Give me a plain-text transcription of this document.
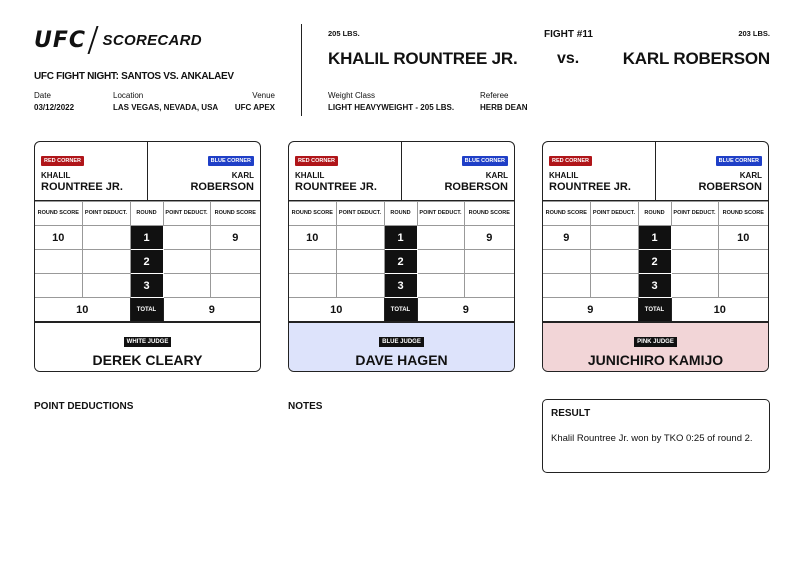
UFC SCORECARD
UFC FIGHT NIGHT: SANTOS VS. ANKALAEV
Date
03/12/2022
Location
LAS VEGAS, NEVADA, USA
Venue
UFC APEX
205 LBS.
KHALIL ROUNTREE JR.
FIGHT #11
vs.
203 LBS.
KARL ROBERSON
Weight Class
LIGHT HEAVYWEIGHT - 205 LBS.
Referee
HERB DEAN
RED CORNER
KHALIL
ROUNTREE JR.
BLUE CORNER
KARL
ROBERSON
ROUND SCORE	POINT DEDUCT.	ROUND	POINT DEDUCT.	ROUND SCORE
10		1		9
		2		
		3		
10		TOTAL	9	
WHITE JUDGE
DEREK CLEARY
RED CORNER
KHALIL
ROUNTREE JR.
BLUE CORNER
KARL
ROBERSON
ROUND SCORE	POINT DEDUCT.	ROUND	POINT DEDUCT.	ROUND SCORE
10		1		9
		2		
		3		
10		TOTAL	9	
BLUE JUDGE
DAVE HAGEN
RED CORNER
KHALIL
ROUNTREE JR.
BLUE CORNER
KARL
ROBERSON
ROUND SCORE	POINT DEDUCT.	ROUND	POINT DEDUCT.	ROUND SCORE
9		1		10
		2		
		3		
9		TOTAL	10	
PINK JUDGE
JUNICHIRO KAMIJO
POINT DEDUCTIONS	NOTES
RESULT
Khalil Rountree Jr. won by TKO 0:25 of round 2.
